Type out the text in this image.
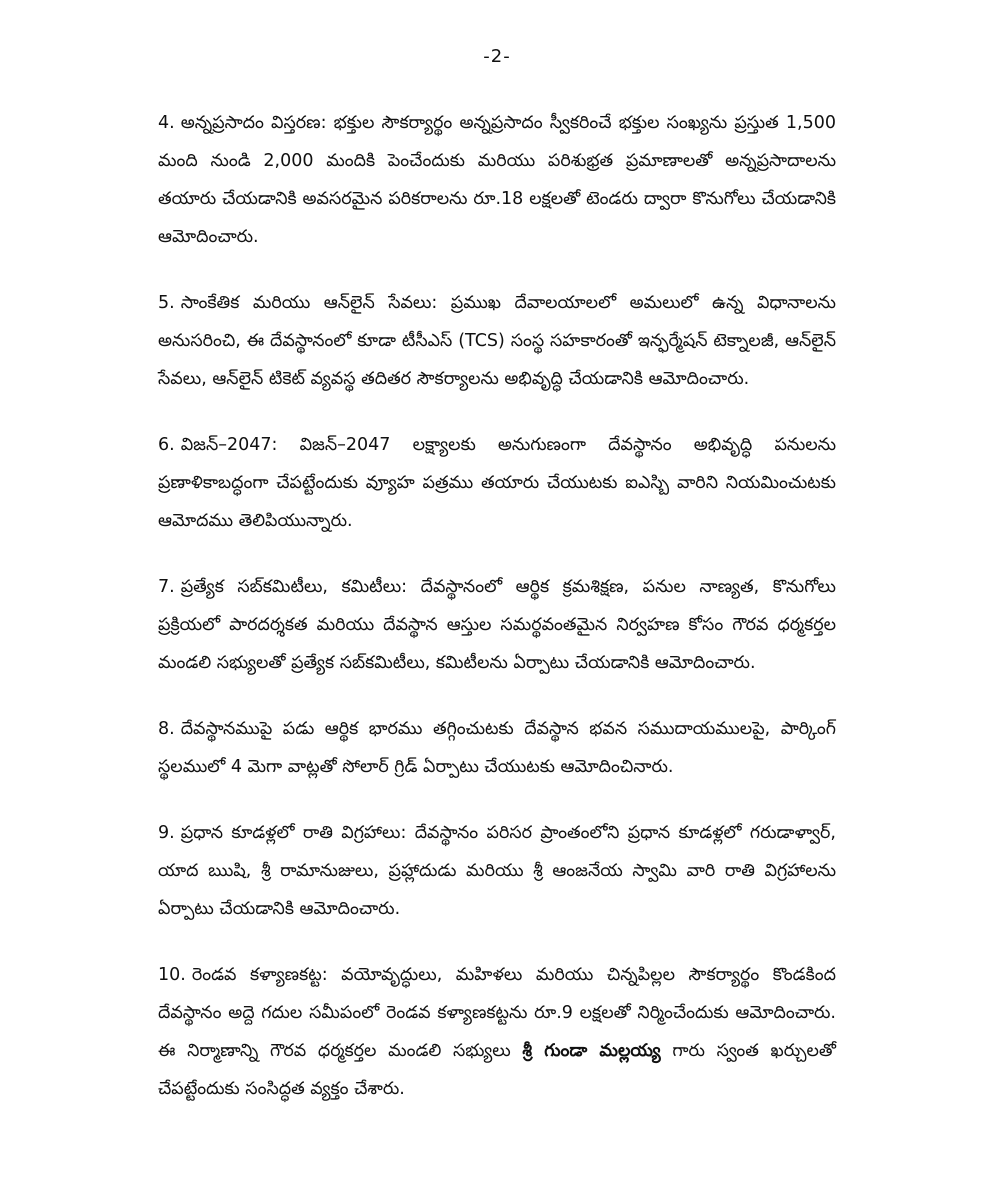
-2-

4. అన్నప్రసాదం విస్తరణ: భక్తుల సౌకర్యార్థం అన్నప్రసాదం స్వీకరించే భక్తుల సంఖ్యను ప్రస్తుత 1,500 మంది నుండి 2,000 మందికి పెంచేందుకు మరియు పరిశుభ్రత ప్రమాణాలతో అన్నప్రసాదాలను తయారు చేయడానికి అవసరమైన పరికరాలను రూ.18 లక్షలతో టెండరు ద్వారా కొనుగోలు చేయడానికి ఆమోదించారు.

5. సాంకేతిక మరియు ఆన్‌లైన్ సేవలు: ప్రముఖ దేవాలయాలలో అమలులో ఉన్న విధానాలను అనుసరించి, ఈ దేవస్థానంలో కూడా టీసీఎస్ (TCS) సంస్థ సహకారంతో ఇన్ఫర్మేషన్ టెక్నాలజీ, ఆన్‌లైన్ సేవలు, ఆన్‌లైన్ టికెట్ వ్యవస్థ తదితర సౌకర్యాలను అభివృద్ధి చేయడానికి ఆమోదించారు.

6. విజన్–2047: విజన్–2047 లక్ష్యాలకు అనుగుణంగా దేవస్థానం అభివృద్ధి పనులను ప్రణాళికాబద్ధంగా చేపట్టేందుకు వ్యూహ పత్రము తయారు చేయుటకు ఐఎస్బి వారిని నియమించుటకు ఆమోదము తెలిపియున్నారు.

7. ప్రత్యేక సబ్‌కమిటీలు, కమిటీలు: దేవస్థానంలో ఆర్థిక క్రమశిక్షణ, పనుల నాణ్యత, కొనుగోలు ప్రక్రియలో పారదర్శకత మరియు దేవస్థాన ఆస్తుల సమర్థవంతమైన నిర్వహణ కోసం గౌరవ ధర్మకర్తల మండలి సభ్యులతో ప్రత్యేక సబ్‌కమిటీలు, కమిటీలను ఏర్పాటు చేయడానికి ఆమోదించారు.

8. దేవస్థానముపై పడు ఆర్థిక భారము తగ్గించుటకు దేవస్థాన భవన సముదాయములపై, పార్కింగ్ స్థలములో 4 మెగా వాట్లతో సోలార్ గ్రిడ్ ఏర్పాటు చేయుటకు ఆమోదించినారు.

9. ప్రధాన కూడళ్లలో రాతి విగ్రహాలు: దేవస్థానం పరిసర ప్రాంతంలోని ప్రధాన కూడళ్లలో గరుడాళ్వార్, యాద ఋషి, శ్రీ రామానుజులు, ప్రహ్లాదుడు మరియు శ్రీ ఆంజనేయ స్వామి వారి రాతి విగ్రహాలను ఏర్పాటు చేయడానికి ఆమోదించారు.

10. రెండవ కళ్యాణకట్ట: వయోవృద్ధులు, మహిళలు మరియు చిన్నపిల్లల సౌకర్యార్థం కొండకింద దేవస్థానం అద్దె గదుల సమీపంలో రెండవ కళ్యాణకట్టను రూ.9 లక్షలతో నిర్మించేందుకు ఆమోదించారు. ఈ నిర్మాణాన్ని గౌరవ ధర్మకర్తల మండలి సభ్యులు శ్రీ గుండా మల్లయ్య గారు స్వంత ఖర్చులతో చేపట్టేందుకు సంసిద్ధత వ్యక్తం చేశారు.
